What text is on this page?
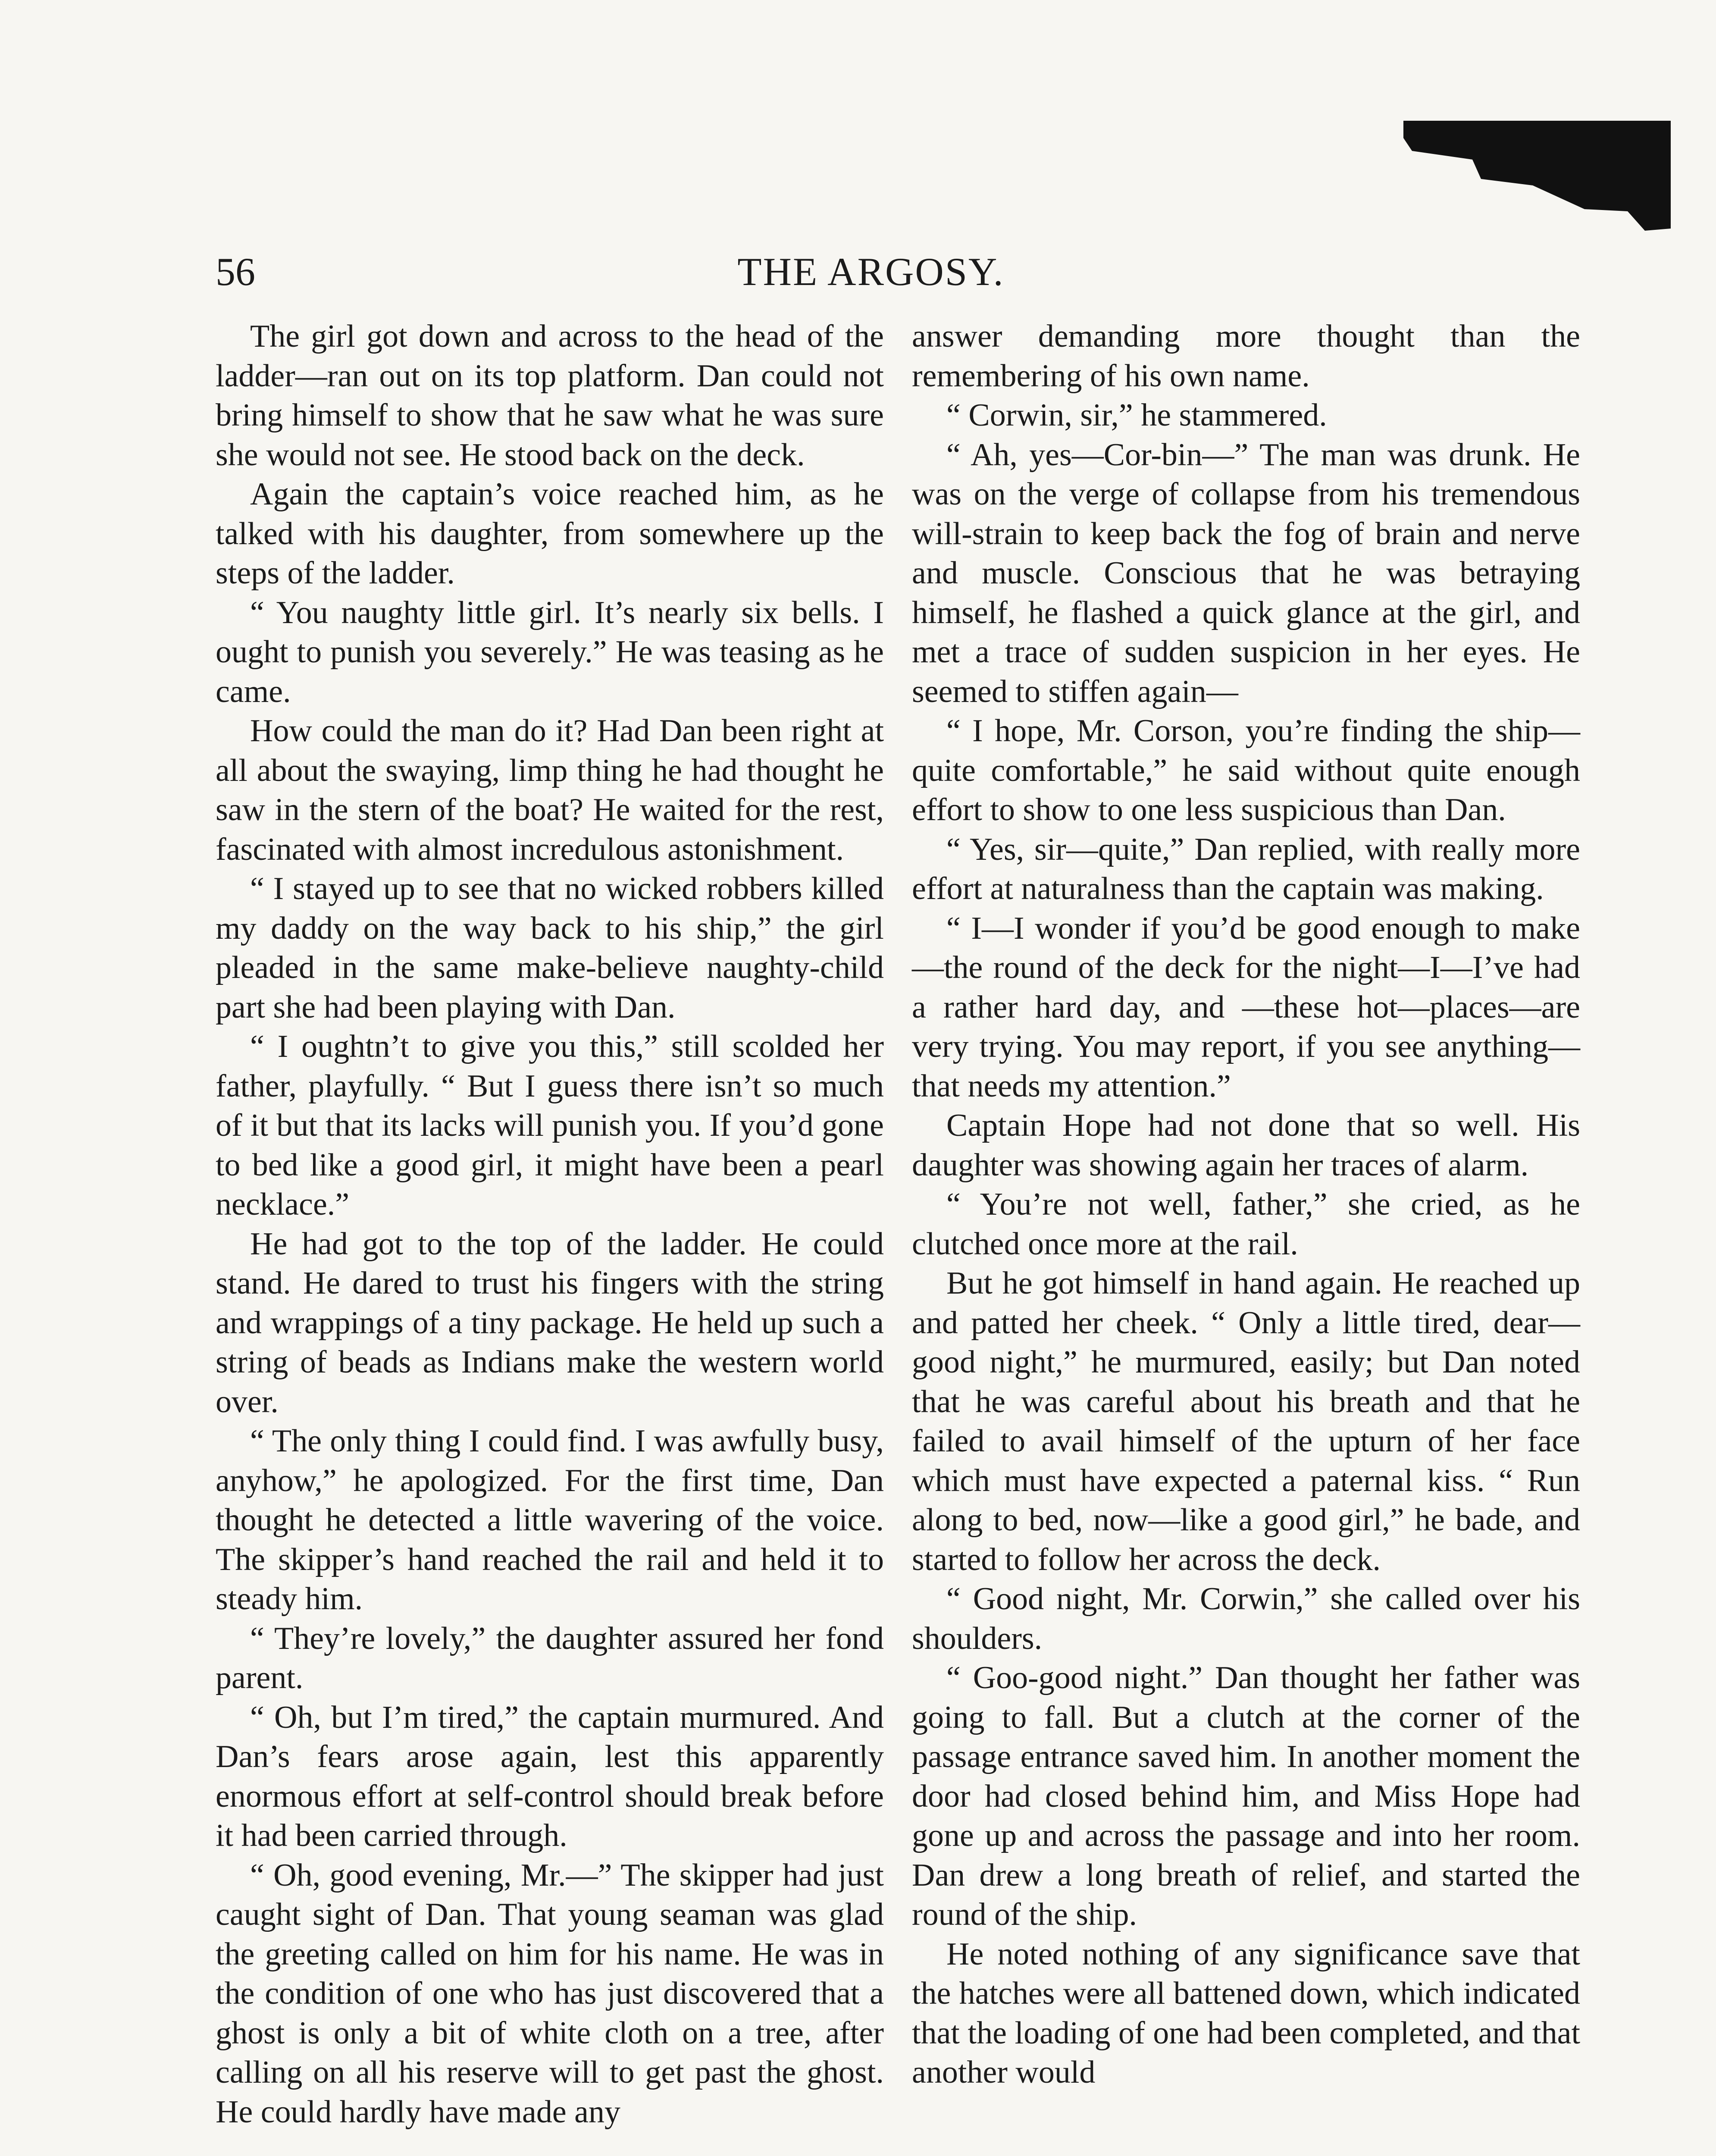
56	THE ARGOSY.

The girl got down and across to the head of the ladder—ran out on its top platform. Dan could not bring himself to show that he saw what he was sure she would not see. He stood back on the deck.

Again the captain’s voice reached him, as he talked with his daughter, from somewhere up the steps of the ladder.

“ You naughty little girl. It’s nearly six bells. I ought to punish you severely.” He was teasing as he came.

How could the man do it? Had Dan been right at all about the swaying, limp thing he had thought he saw in the stern of the boat? He waited for the rest, fascinated with almost incredulous astonishment.

“ I stayed up to see that no wicked robbers killed my daddy on the way back to his ship,” the girl pleaded in the same make-believe naughty-child part she had been playing with Dan.

“ I oughtn’t to give you this,” still scolded her father, playfully. “ But I guess there isn’t so much of it but that its lacks will punish you. If you’d gone to bed like a good girl, it might have been a pearl necklace.”

He had got to the top of the ladder. He could stand. He dared to trust his fingers with the string and wrappings of a tiny package. He held up such a string of beads as Indians make the western world over.

“ The only thing I could find. I was awfully busy, anyhow,” he apologized. For the first time, Dan thought he detected a little wavering of the voice. The skipper’s hand reached the rail and held it to steady him.

“ They’re lovely,” the daughter assured her fond parent.

“ Oh, but I’m tired,” the captain murmured. And Dan’s fears arose again, lest this apparently enormous effort at self-control should break before it had been carried through.

“ Oh, good evening, Mr.—” The skipper had just caught sight of Dan. That young seaman was glad the greeting called on him for his name. He was in the condition of one who has just discovered that a ghost is only a bit of white cloth on a tree, after calling on all his reserve will to get past the ghost. He could hardly have made any

answer demanding more thought than the remembering of his own name.

“ Corwin, sir,” he stammered.

“ Ah, yes—Cor-bin—” The man was drunk. He was on the verge of collapse from his tremendous will-strain to keep back the fog of brain and nerve and muscle. Conscious that he was betraying himself, he flashed a quick glance at the girl, and met a trace of sudden suspicion in her eyes. He seemed to stiffen again—

“ I hope, Mr. Corson, you’re finding the ship—quite comfortable,” he said without quite enough effort to show to one less suspicious than Dan.

“ Yes, sir—quite,” Dan replied, with really more effort at naturalness than the captain was making.

“ I—I wonder if you’d be good enough to make—the round of the deck for the night—I—I’ve had a rather hard day, and —these hot—places—are very trying. You may report, if you see anything—that needs my attention.”

Captain Hope had not done that so well. His daughter was showing again her traces of alarm.

“ You’re not well, father,” she cried, as he clutched once more at the rail.

But he got himself in hand again. He reached up and patted her cheek. “ Only a little tired, dear—good night,” he murmured, easily; but Dan noted that he was careful about his breath and that he failed to avail himself of the upturn of her face which must have expected a paternal kiss. “ Run along to bed, now—like a good girl,” he bade, and started to follow her across the deck.

“ Good night, Mr. Corwin,” she called over his shoulders.

“ Goo-good night.” Dan thought her father was going to fall. But a clutch at the corner of the passage entrance saved him. In another moment the door had closed behind him, and Miss Hope had gone up and across the passage and into her room. Dan drew a long breath of relief, and started the round of the ship.

He noted nothing of any significance save that the hatches were all battened down, which indicated that the loading of one had been completed, and that another would
